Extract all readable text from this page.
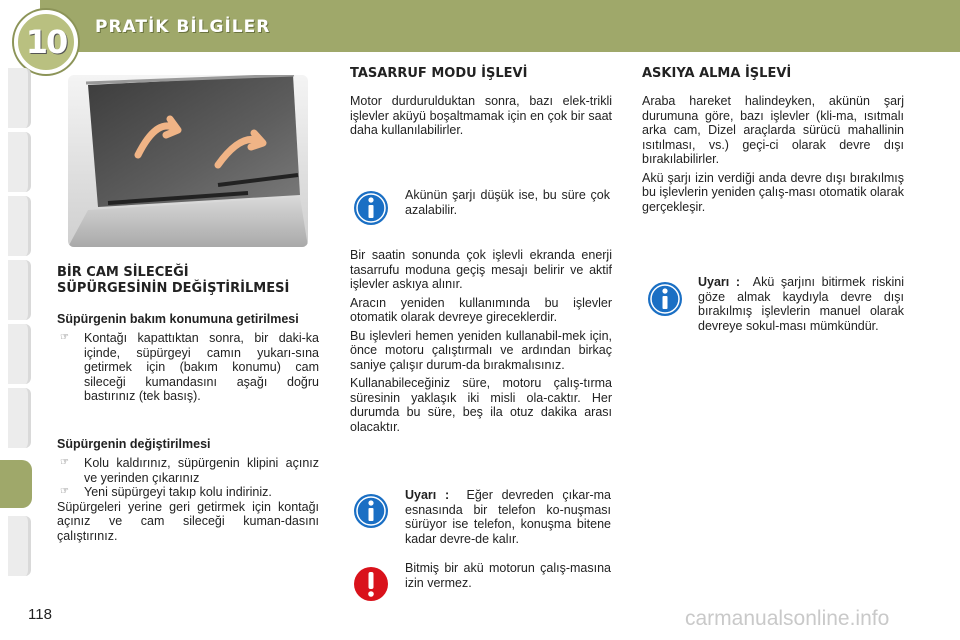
10 PRATİK BİLGİLER
BİR CAM SİLECEĞİ
SÜPÜRGESİNİN DEĞİŞTİRİLMESİ
Süpürgenin bakım konumuna getirilmesi
☞	Kontağı kapattıktan sonra, bir daki-ka içinde, süpürgeyi camın yukarı-sına getirmek için (bakım konumu) cam sileceği kumandasını aşağı doğru bastırınız (tek basış).
Süpürgenin değiştirilmesi
☞	Kolu kaldırınız, süpürgenin klipini açınız ve yerinden çıkarınız
☞	Yeni süpürgeyi takıp kolu indiriniz.

Süpürgeleri yerine geri getirmek için kontağı açınız ve cam sileceği kuman-dasını çalıştırınız.

TASARRUF MODU İŞLEVİ

Motor durdurulduktan sonra, bazı elek-trikli işlevler aküyü boşaltmamak için en çok bir saat daha kullanılabilirler.

Akünün şarjı düşük ise, bu süre çok azalabilir.

Bir saatin sonunda çok işlevli ekranda enerji tasarrufu moduna geçiş mesajı belirir ve aktif işlevler askıya alınır.

Aracın yeniden kullanımında bu işlevler otomatik olarak devreye gireceklerdir.

Bu işlevleri hemen yeniden kullanabil-mek için, önce motoru çalıştırmalı ve ardından birkaç saniye çalışır durum-da bırakmalısınız.

Kullanabileceğiniz süre, motoru çalış-tırma süresinin yaklaşık iki misli ola-caktır. Her durumda bu süre, beş ila otuz dakika arası olacaktır.

Uyarı : Eğer devreden çıkar-ma esnasında bir telefon ko-nuşması sürüyor ise telefon, konuşma bitene kadar devre-de kalır.

Bitmiş bir akü motorun çalış-masına izin vermez.

ASKIYA ALMA İŞLEVİ

Araba hareket halindeyken, akünün şarj durumuna göre, bazı işlevler (kli-ma, ısıtmalı arka cam, Dizel araçlarda sürücü mahallinin ısıtılması, vs.) geçi-ci olarak devre dışı bırakılabilirler.

Akü şarjı izin verdiği anda devre dışı bırakılmış bu işlevlerin yeniden çalış-ması otomatik olarak gerçekleşir.

Uyarı : Akü şarjını bitirmek riskini göze almak kaydıyla devre dışı bırakılmış işlevlerin manuel olarak devreye sokul-ması mümkündür.

118	carmanualsonline.info
